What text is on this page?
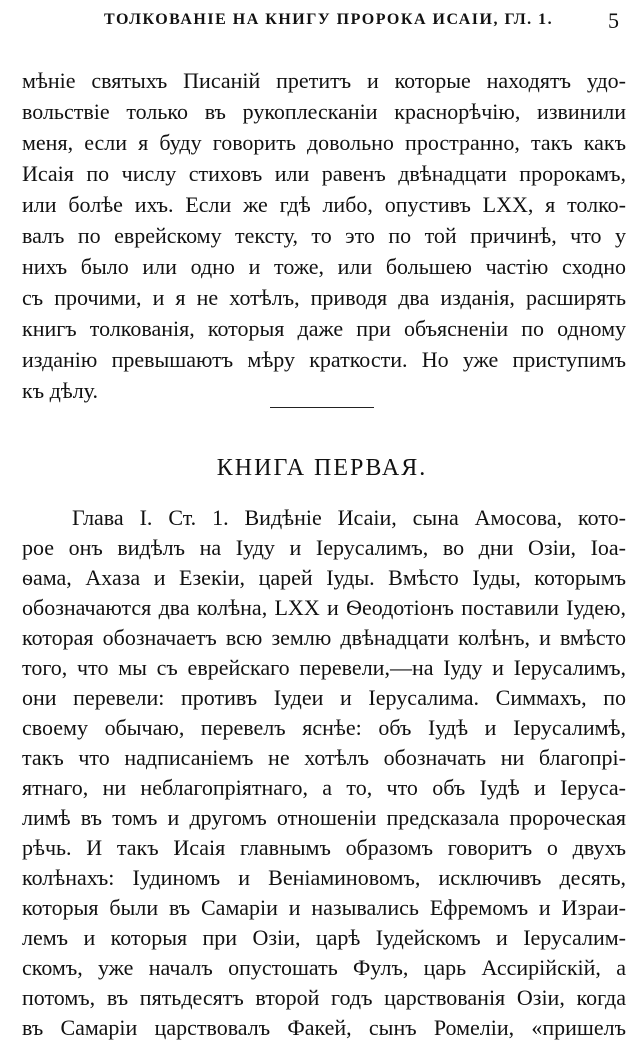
ТОЛКОВАНІЕ НА КНИГУ ПРОРОКА ИСАІИ, ГЛ. 1.	5
мѣніе святыхъ Писаній претитъ и которые находятъ удо-
вольствіе только въ рукоплесканіи краснорѣчію, извинили
меня, если я буду говорить довольно пространно, такъ какъ
Исаія по числу стиховъ или равенъ двѣнадцати пророкамъ,
или болѣе ихъ. Если же гдѣ либо, опустивъ LXX, я толко-
валъ по еврейскому тексту, то это по той причинѣ, что у
нихъ было или одно и тоже, или большею частію сходно
съ прочими, и я не хотѣлъ, приводя два изданія, расширять
книгъ толкованія, которыя даже при объясненіи по одному
изданію превышаютъ мѣру краткости. Но уже приступимъ
къ дѣлу.
КНИГА ПЕРВАЯ.
Глава I. Ст. 1. Видѣніе Исаіи, сына Амосова, кото-
рое онъ видѣлъ на Іуду и Іерусалимъ, во дни Озіи, Іоа-
ѳама, Ахаза и Езекіи, царей Іуды. Вмѣсто Іуды, которымъ
обозначаются два колѣна, LXX и Ѳеодотіонъ поставили Іудею,
которая обозначаетъ всю землю двѣнадцати колѣнъ, и вмѣсто
того, что мы съ еврейскаго перевели,—на Іуду и Іерусалимъ,
они перевели: противъ Іудеи и Іерусалима. Симмахъ, по
своему обычаю, перевелъ яснѣе: объ Іудѣ и Іерусалимѣ,
такъ что надписаніемъ не хотѣлъ обозначать ни благопрі-
ятнаго, ни неблагопріятнаго, а то, что объ Іудѣ и Іеруса-
лимѣ въ томъ и другомъ отношеніи предсказала пророческая
рѣчь. И такъ Исаія главнымъ образомъ говоритъ о двухъ
колѣнахъ: Іудиномъ и Веніаминовомъ, исключивъ десять,
которыя были въ Самаріи и назывались Ефремомъ и Израи-
лемъ и которыя при Озіи, царѣ Іудейскомъ и Іерусалим-
скомъ, уже началъ опустошать Фулъ, царь Ассирійскій, а
потомъ, въ пятьдесятъ второй годъ царствованія Озіи, когда
въ Самаріи царствовалъ Факей, сынъ Ромеліи, «пришелъ
